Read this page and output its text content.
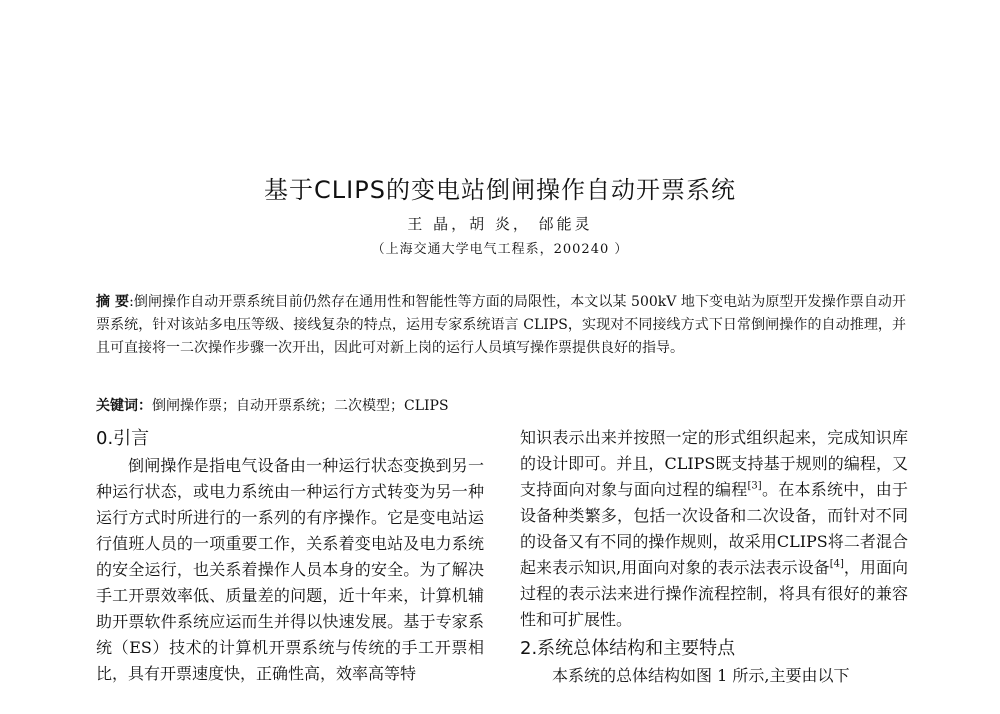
基于CLIPS的变电站倒闸操作自动开票系统
王 晶，胡 炎， 邰能灵
（上海交通大学电气工程系，200240 ）
摘 要:倒闸操作自动开票系统目前仍然存在通用性和智能性等方面的局限性，本文以某 500kV 地下变电站为原型开发操作票自动开票系统，针对该站多电压等级、接线复杂的特点，运用专家系统语言 CLIPS，实现对不同接线方式下日常倒闸操作的自动推理，并且可直接将一二次操作步骤一次开出，因此可对新上岗的运行人员填写操作票提供良好的指导。
关键词：倒闸操作票；自动开票系统；二次模型；CLIPS

0.引言

倒闸操作是指电气设备由一种运行状态变换到另一种运行状态，或电力系统由一种运行方式转变为另一种运行方式时所进行的一系列的有序操作。它是变电站运行值班人员的一项重要工作，关系着变电站及电力系统的安全运行，也关系着操作人员本身的安全。为了解决手工开票效率低、质量差的问题，近十年来，计算机辅助开票软件系统应运而生并得以快速发展。基于专家系统（ES）技术的计算机开票系统与传统的手工开票相比，具有开票速度快，正确性高，效率高等特

知识表示出来并按照一定的形式组织起来，完成知识库的设计即可。并且，CLIPS既支持基于规则的编程，又支持面向对象与面向过程的编程[3]。在本系统中，由于设备种类繁多，包括一次设备和二次设备，而针对不同的设备又有不同的操作规则，故采用CLIPS将二者混合起来表示知识,用面向对象的表示法表示设备[4]，用面向过程的表示法来进行操作流程控制，将具有很好的兼容性和可扩展性。

2.系统总体结构和主要特点

本系统的总体结构如图 1 所示,主要由以下
